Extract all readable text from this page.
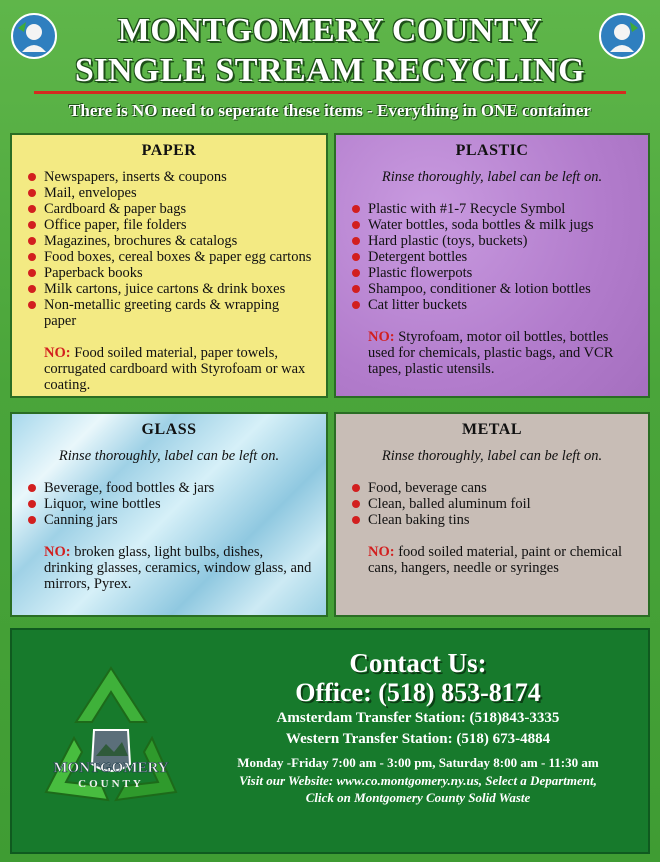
MONTGOMERY COUNTY
SINGLE STREAM RECYCLING
There is NO need to seperate these items - Everything in ONE container
PAPER
Newspapers, inserts & coupons
Mail, envelopes
Cardboard & paper bags
Office paper, file folders
Magazines, brochures & catalogs
Food boxes, cereal boxes & paper egg cartons
Paperback books
Milk cartons, juice cartons & drink boxes
Non-metallic greeting cards & wrapping paper
NO: Food soiled material, paper towels, corrugated cardboard with Styrofoam or wax coating.
PLASTIC
Rinse thoroughly, label can be left on.
Plastic with #1-7 Recycle Symbol
Water bottles, soda bottles & milk jugs
Hard plastic (toys, buckets)
Detergent bottles
Plastic flowerpots
Shampoo, conditioner & lotion bottles
Cat litter buckets
NO: Styrofoam, motor oil bottles, bottles used for chemicals, plastic bags, and VCR tapes, plastic utensils.
GLASS
Rinse thoroughly, label can be left on.
Beverage, food bottles & jars
Liquor, wine bottles
Canning jars
NO: broken glass, light bulbs, dishes, drinking glasses, ceramics, window glass, and mirrors, Pyrex.
METAL
Rinse thoroughly, label can be left on.
Food, beverage cans
Clean, balled aluminum foil
Clean baking tins
NO: food soiled material, paint or chemical cans, hangers, needle or syringes
MONTGOMERY
COUNTY
Contact Us:
Office: (518) 853-8174
Amsterdam Transfer Station: (518)843-3335
Western Transfer Station: (518) 673-4884
Monday -Friday 7:00 am - 3:00 pm, Saturday 8:00 am - 11:30 am
Visit our Website: www.co.montgomery.ny.us, Select a Department,
Click on Montgomery County Solid Waste
